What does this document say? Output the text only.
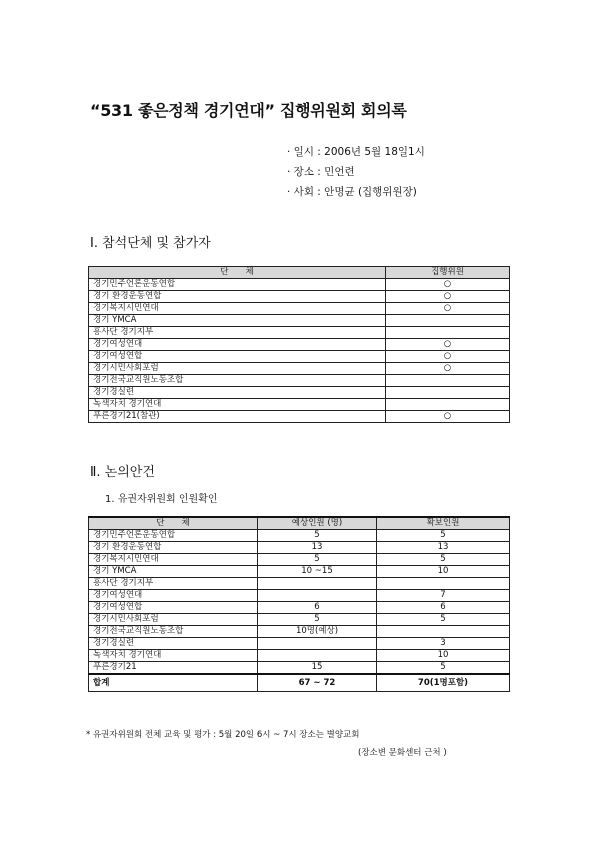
“531 좋은정책 경기연대” 집행위원회 회의록
· 일시 : 2006년 5월 18일1시
· 장소 : 민언련
· 사회 : 안명균 (집행위원장)
Ⅰ. 참석단체 및 참가자
단　　체	집행위원
경기민주언론운동연합	○
경기 환경운동연합	○
경기복지시민연대	○
경기 YMCA	
흥사단 경기지부	
경기여성연대	○
경기여성연합	○
경기시민사회포럼	○
경기전국교직원노동조합	
경기경실련	
녹색자치 경기연대	
푸른경기21(참관)	○
Ⅱ. 논의안건
1. 유권자위원회 인원확인
단　　체	예상인원 (명)	확보인원
경기민주언론운동연합	5	5
경기 환경운동연합	13	13
경기복지시민연대	5	5
경기 YMCA	10 ~15	10
흥사단 경기지부		
경기여성연대		7
경기여성연합	6	6
경기시민사회포럼	5	5
경기전국교직원노동조합	10명(예상)	
경기경실련		3
녹색자치 경기연대		10
푸른경기21	15	5
합계	67 ~ 72	70(1명포함)
* 유권자위원회 전체 교육 및 평가 : 5월 20일 6시 ~ 7시 장소는 별양교회
(장소변 문화센터 근처 )
